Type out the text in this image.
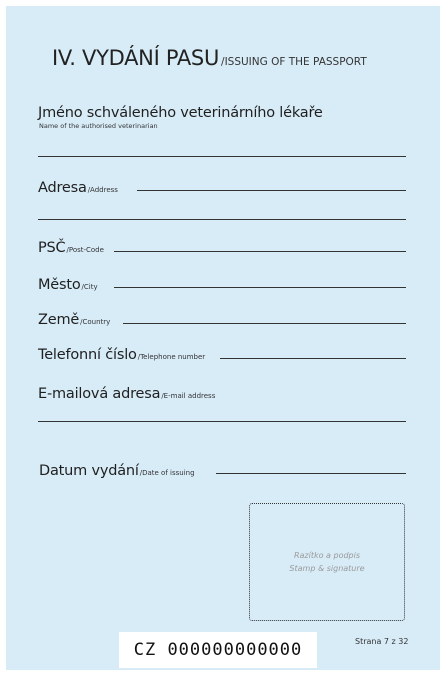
IV. VYDÁNÍ PASU /ISSUING OF THE PASSPORT
Jméno schváleného veterinárního lékaře
Name of the authorised veterinarian
Adresa/Address
PSČ/Post-Code
Město/City
Země/Country
Telefonní číslo/Telephone number
E-mailová adresa/E-mail address
Datum vydání/Date of issuing
Razítko a podpis
Stamp & signature
Strana 7 z 32
CZ 000000000000
